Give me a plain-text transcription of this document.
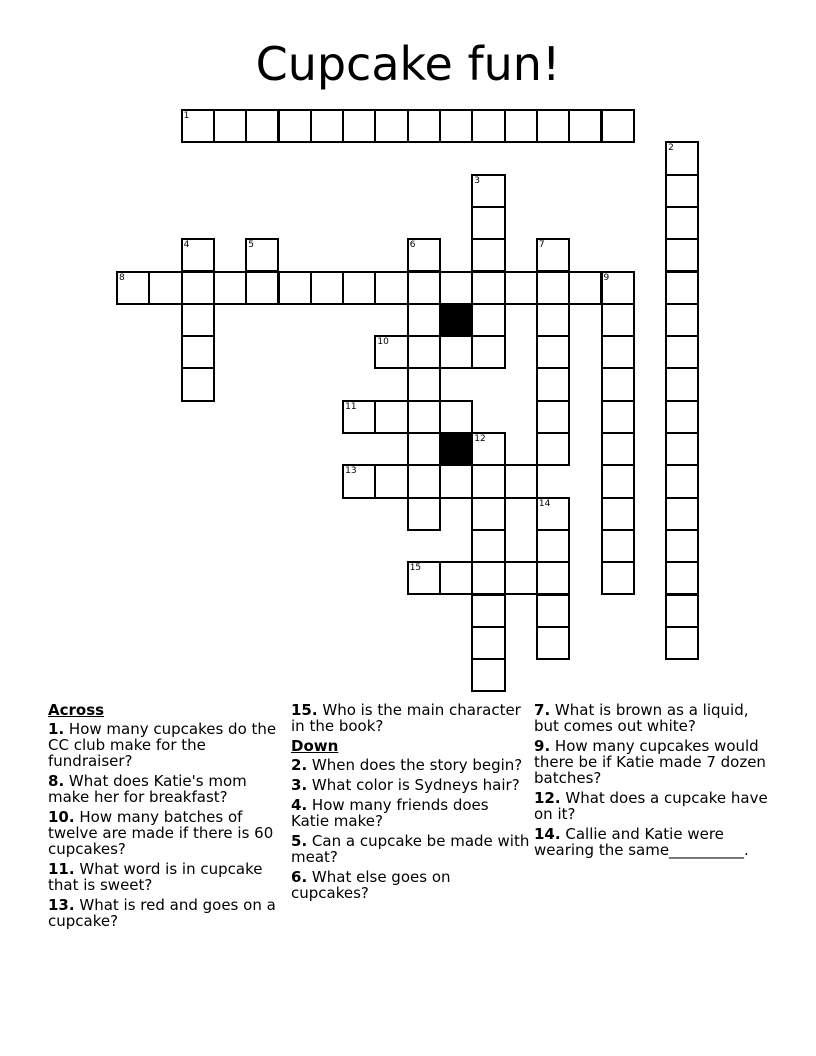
Cupcake fun!
1
2
3
4	5	6	7
8	9
10
11
12
13
14
15
Across
1. How many cupcakes do the CC club make for the fundraiser?
8. What does Katie's mom make her for breakfast?
10. How many batches of twelve are made if there is 60 cupcakes?
11. What word is in cupcake that is sweet?
13. What is red and goes on a cupcake?
15. Who is the main character in the book?
Down
2. When does the story begin?
3. What color is Sydneys hair?
4. How many friends does Katie make?
5. Can a cupcake be made with meat?
6. What else goes on cupcakes?
7. What is brown as a liquid, but comes out white?
9. How many cupcakes would there be if Katie made 7 dozen batches?
12. What does a cupcake have on it?
14. Callie and Katie were wearing the same__________.
